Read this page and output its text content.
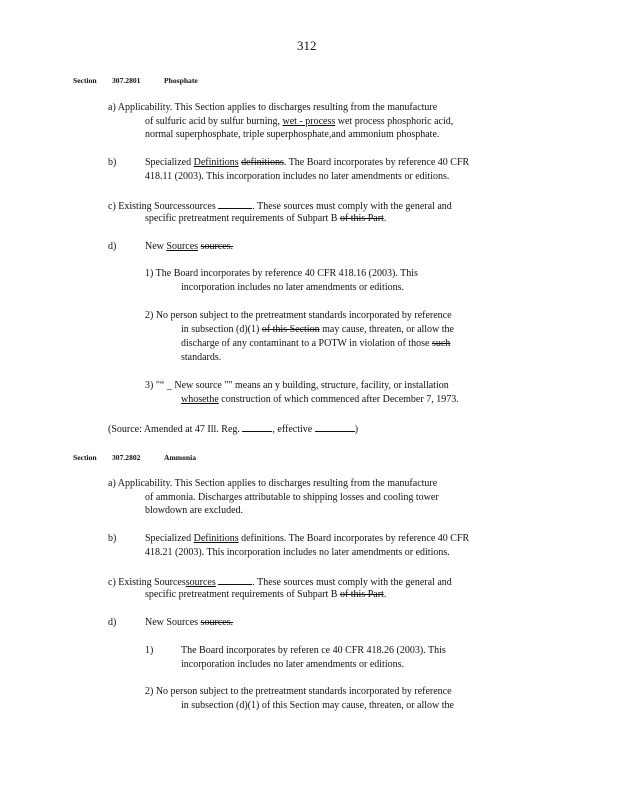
312
Section 307.2801	Phosphate
a) Applicability. This Section applies to discharges resulting from the manufacture
of sulfuric acid by sulfur burning, wet - process wet process phosphoric acid,
normal superphosphate, triple superphosphate,and ammonium phosphate.
b)	Specialized Definitions definitions. The Board incorporates by reference 40 CFR
418.11 (2003). This incorporation includes no later amendments or editions.
c) Existing Sourcessources	. These sources must comply with the general and
specific pretreatment requirements of Subpart B of this Part.
d)	New Sources sources.
1) The Board incorporates by reference 40 CFR 418.16 (2003). This
incorporation includes no later amendments or editions.
2) No person subject to the pretreatment standards incorporated by reference
in subsection (d)(1) of this Section may cause, threaten, or allow the
discharge of any contaminant to a POTW in violation of those such
standards.
3) "“ _ New source "" means an y building, structure, facility, or installation
whosethe construction of which commenced after December 7, 1973.
(Source: Amended at 47 Ill. Reg.	, effective	)
Section 307.2802	Ammonia
a) Applicability. This Section applies to discharges resulting from the manufacture
of ammonia. Discharges attributable to shipping losses and cooling tower
blowdown are excluded.
b)	Specialized Definitions definitions. The Board incorporates by reference 40 CFR
418.21 (2003). This incorporation includes no later amendments or editions.
c) Existing Sourcessources	. These sources must comply with the general and
specific pretreatment requirements of Subpart B of this Part.
d)	New Sources sources.
1)	The Board incorporates by referen ce 40 CFR 418.26 (2003). This
incorporation includes no later amendments or editions.
2) No person subject to the pretreatment standards incorporated by reference
in subsection (d)(1) of this Section may cause, threaten, or allow the
